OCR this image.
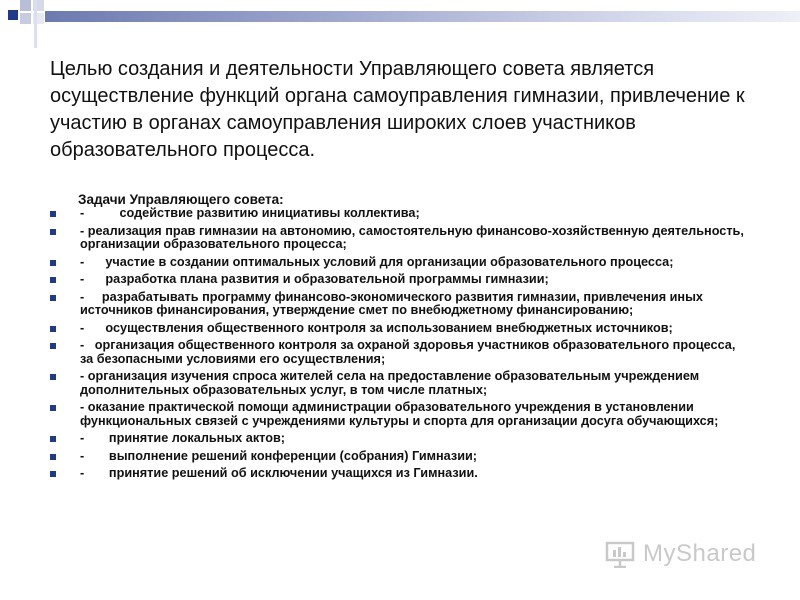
Целью создания и деятельности Управляющего совета является осуществление функций органа самоуправления гимназии, привлечение к участию в органах самоуправления широких слоев участников образовательного процесса.

Задачи Управляющего совета:

-          содействие развитию инициативы коллектива;
- реализация прав гимназии на автономию, самостоятельную финансово-хозяйственную деятельность, организации образовательного процесса;
-      участие в создании оптимальных условий для организации образовательного процесса;
-      разработка плана развития и образовательной программы гимназии;
-     разрабатывать программу финансово-экономического развития гимназии, привлечения иных источников финансирования, утверждение смет по внебюджетному финансированию;
-      осуществления общественного контроля за использованием внебюджетных источников;
-   организация общественного контроля за охраной здоровья участников образовательного процесса, за безопасными условиями его осуществления;
- организация изучения спроса жителей села на предоставление образовательным учреждением дополнительных образовательных услуг, в том числе платных;
- оказание практической помощи администрации образовательного учреждения в установлении функциональных связей с учреждениями культуры и спорта для организации досуга обучающихся;
-       принятие локальных актов;
-       выполнение решений конференции (собрания) Гимназии;
-       принятие решений об исключении учащихся из Гимназии.
MyShared
